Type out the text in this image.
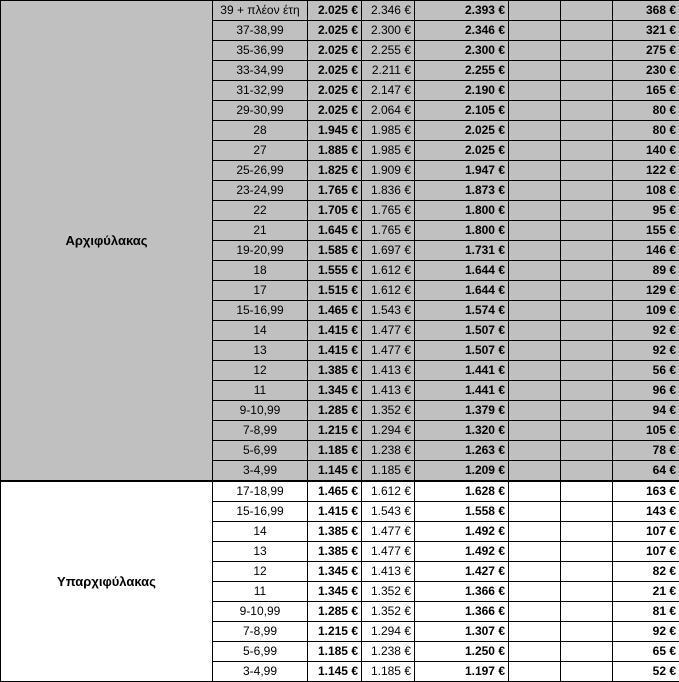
Αρχιφύλακας	39 + πλέον έτη	2.025 €	2.346 €	2.393 €			368 €
	37-38,99	2.025 €	2.300 €	2.346 €			321 €
	35-36,99	2.025 €	2.255 €	2.300 €			275 €
	33-34,99	2.025 €	2.211 €	2.255 €			230 €
	31-32,99	2.025 €	2.147 €	2.190 €			165 €
	29-30,99	2.025 €	2.064 €	2.105 €			80 €
	28	1.945 €	1.985 €	2.025 €			80 €
	27	1.885 €	1.985 €	2.025 €			140 €
	25-26,99	1.825 €	1.909 €	1.947 €			122 €
	23-24,99	1.765 €	1.836 €	1.873 €			108 €
	22	1.705 €	1.765 €	1.800 €			95 €
	21	1.645 €	1.765 €	1.800 €			155 €
	19-20,99	1.585 €	1.697 €	1.731 €			146 €
	18	1.555 €	1.612 €	1.644 €			89 €
	17	1.515 €	1.612 €	1.644 €			129 €
	15-16,99	1.465 €	1.543 €	1.574 €			109 €
	14	1.415 €	1.477 €	1.507 €			92 €
	13	1.415 €	1.477 €	1.507 €			92 €
	12	1.385 €	1.413 €	1.441 €			56 €
	11	1.345 €	1.413 €	1.441 €			96 €
	9-10,99	1.285 €	1.352 €	1.379 €			94 €
	7-8,99	1.215 €	1.294 €	1.320 €			105 €
	5-6,99	1.185 €	1.238 €	1.263 €			78 €
	3-4,99	1.145 €	1.185 €	1.209 €			64 €
Υπαρχιφύλακας	17-18,99	1.465 €	1.612 €	1.628 €			163 €
	15-16,99	1.415 €	1.543 €	1.558 €			143 €
	14	1.385 €	1.477 €	1.492 €			107 €
	13	1.385 €	1.477 €	1.492 €			107 €
	12	1.345 €	1.413 €	1.427 €			82 €
	11	1.345 €	1.352 €	1.366 €			21 €
	9-10,99	1.285 €	1.352 €	1.366 €			81 €
	7-8,99	1.215 €	1.294 €	1.307 €			92 €
	5-6,99	1.185 €	1.238 €	1.250 €			65 €
	3-4,99	1.145 €	1.185 €	1.197 €			52 €
